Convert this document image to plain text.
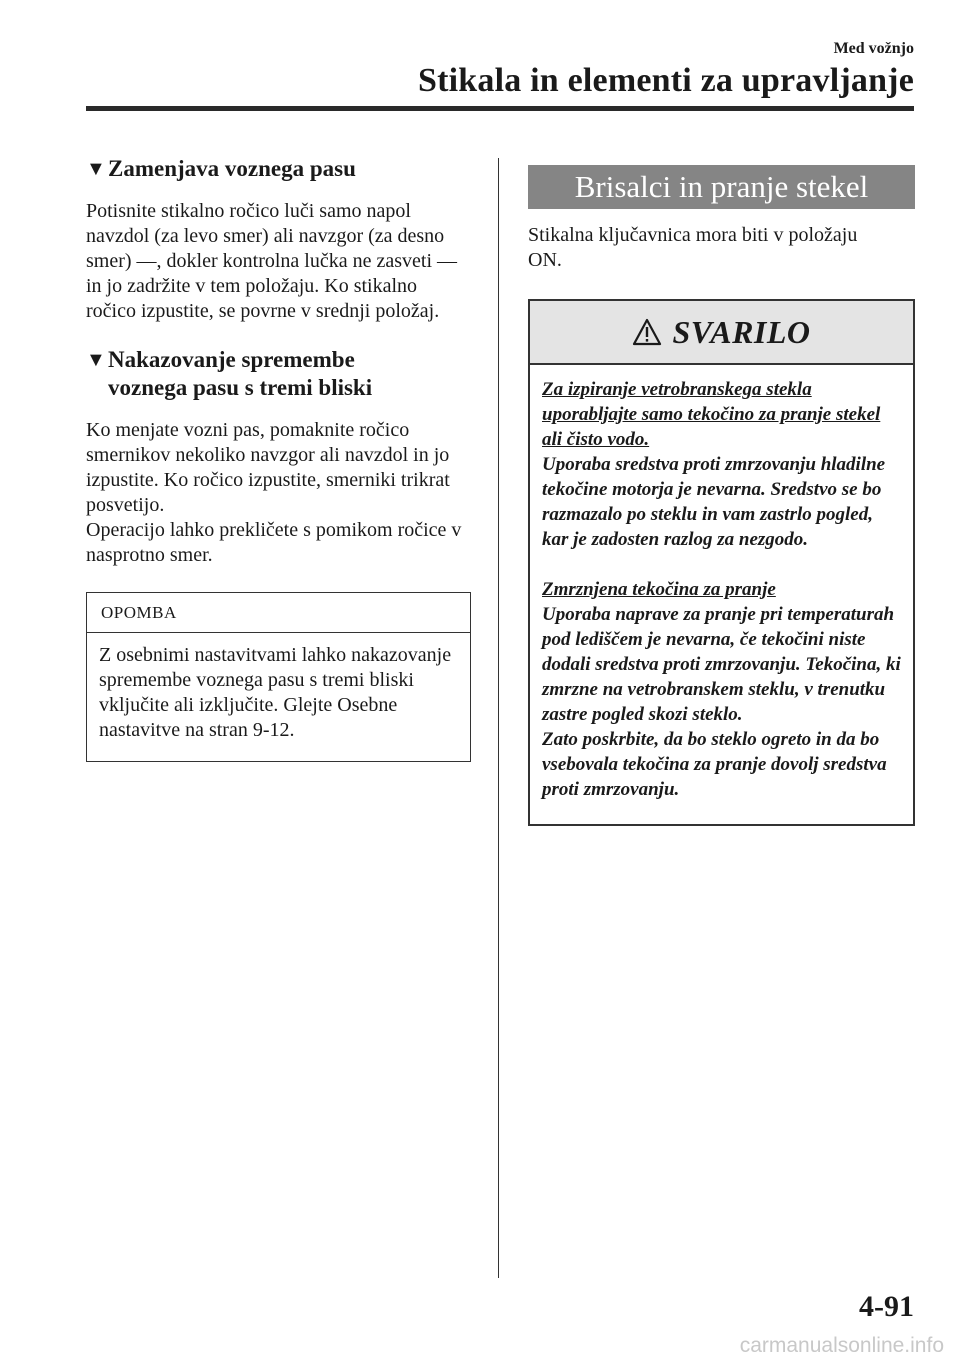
Med vožnjo
Stikala in elementi za upravljanje
▼ Zamenjava voznega pasu

Potisnite stikalno ročico luči samo napol navzdol (za levo smer) ali navzgor (za desno smer) —, dokler kontrolna lučka ne zasveti — in jo zadržite v tem položaju. Ko stikalno ročico izpustite, se povrne v srednji položaj.

▼ Nakazovanje spremembe
voznega pasu s tremi bliski

Ko menjate vozni pas, pomaknite ročico smernikov nekoliko navzgor ali navzdol in jo izpustite. Ko ročico izpustite, smerniki trikrat posvetijo.

Operacijo lahko prekličete s pomikom ročice v nasprotno smer.

OPOMBA
Z osebnimi nastavitvami lahko nakazovanje spremembe voznega pasu s tremi bliski vključite ali izključite. Glejte Osebne nastavitve na stran 9-12.
Brisalci in pranje stekel

Stikalna ključavnica mora biti v položaju ON.

SVARILO
Za izpiranje vetrobranskega stekla uporabljajte samo tekočino za pranje stekel ali čisto vodo.
Uporaba sredstva proti zmrzovanju hladilne tekočine motorja je nevarna. Sredstvo se bo razmazalo po steklu in vam zastrlo pogled, kar je zadosten razlog za nezgodo.
Zmrznjena tekočina za pranje
Uporaba naprave za pranje pri temperaturah pod lediščem je nevarna, če tekočini niste dodali sredstva proti zmrzovanju. Tekočina, ki zmrzne na vetrobranskem steklu, v trenutku zastre pogled skozi steklo.
Zato poskrbite, da bo steklo ogreto in da bo vsebovala tekočina za pranje dovolj sredstva proti zmrzovanju.
4-91
carmanualsonline.info
